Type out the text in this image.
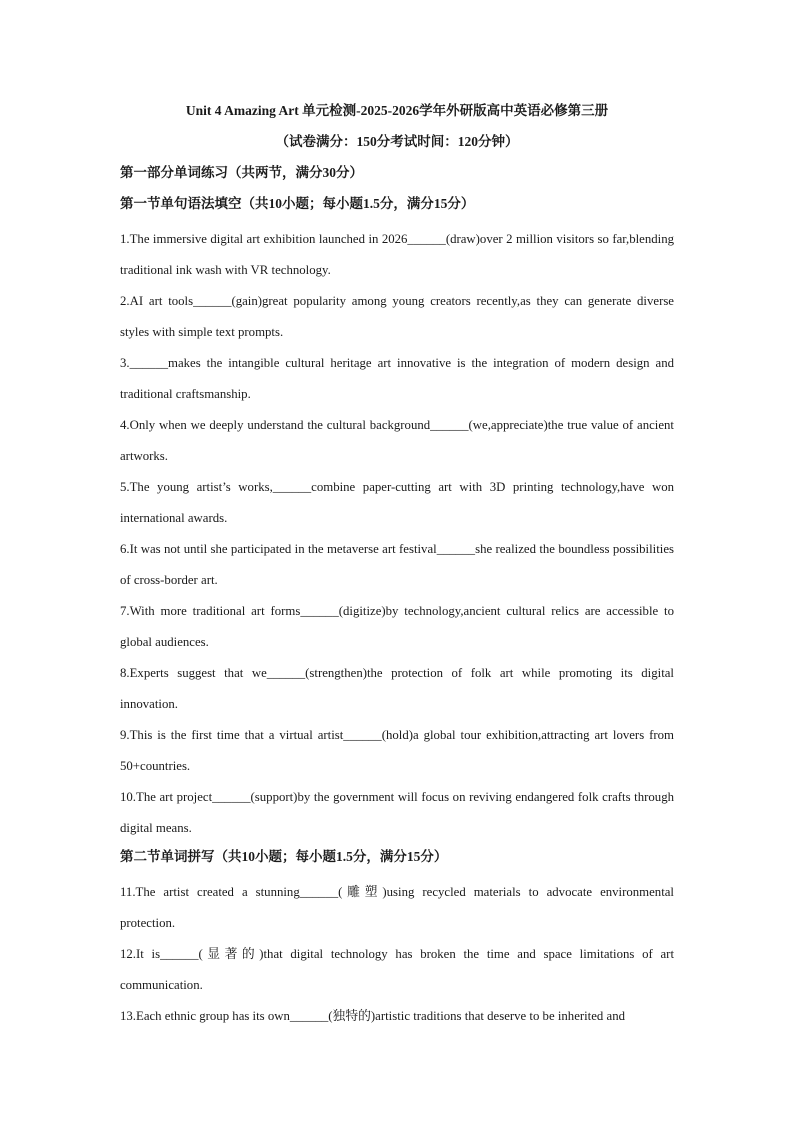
Unit 4 Amazing Art 单元检测-2025-2026学年外研版高中英语必修第三册

（试卷满分：150分考试时间：120分钟）

第一部分单词练习（共两节，满分30分）

第一节单句语法填空（共10小题；每小题1.5分，满分15分）

1.The immersive digital art exhibition launched in 2026______(draw)over 2 million visitors so far,blending traditional ink wash with VR technology.

2.AI art tools______(gain)great popularity among young creators recently,as they can generate diverse styles with simple text prompts.

3.______makes the intangible cultural heritage art innovative is the integration of modern design and traditional craftsmanship.

4.Only when we deeply understand the cultural background______(we,appreciate)the true value of ancient artworks.

5.The young artist’s works,______combine paper-cutting art with 3D printing technology,have won international awards.

6.It was not until she participated in the metaverse art festival______she realized the boundless possibilities of cross-border art.

7.With more traditional art forms______(digitize)by technology,ancient cultural relics are accessible to global audiences.

8.Experts suggest that we______(strengthen)the protection of folk art while promoting its digital innovation.

9.This is the first time that a virtual artist______(hold)a global tour exhibition,attracting art lovers from 50+countries.

10.The art project______(support)by the government will focus on reviving endangered folk crafts through digital means.

第二节单词拼写（共10小题；每小题1.5分，满分15分）

11.The artist created a stunning______(雕塑)using recycled materials to advocate environmental protection.

12.It is______(显著的)that digital technology has broken the time and space limitations of art communication.

13.Each ethnic group has its own______(独特的)artistic traditions that deserve to be inherited and
